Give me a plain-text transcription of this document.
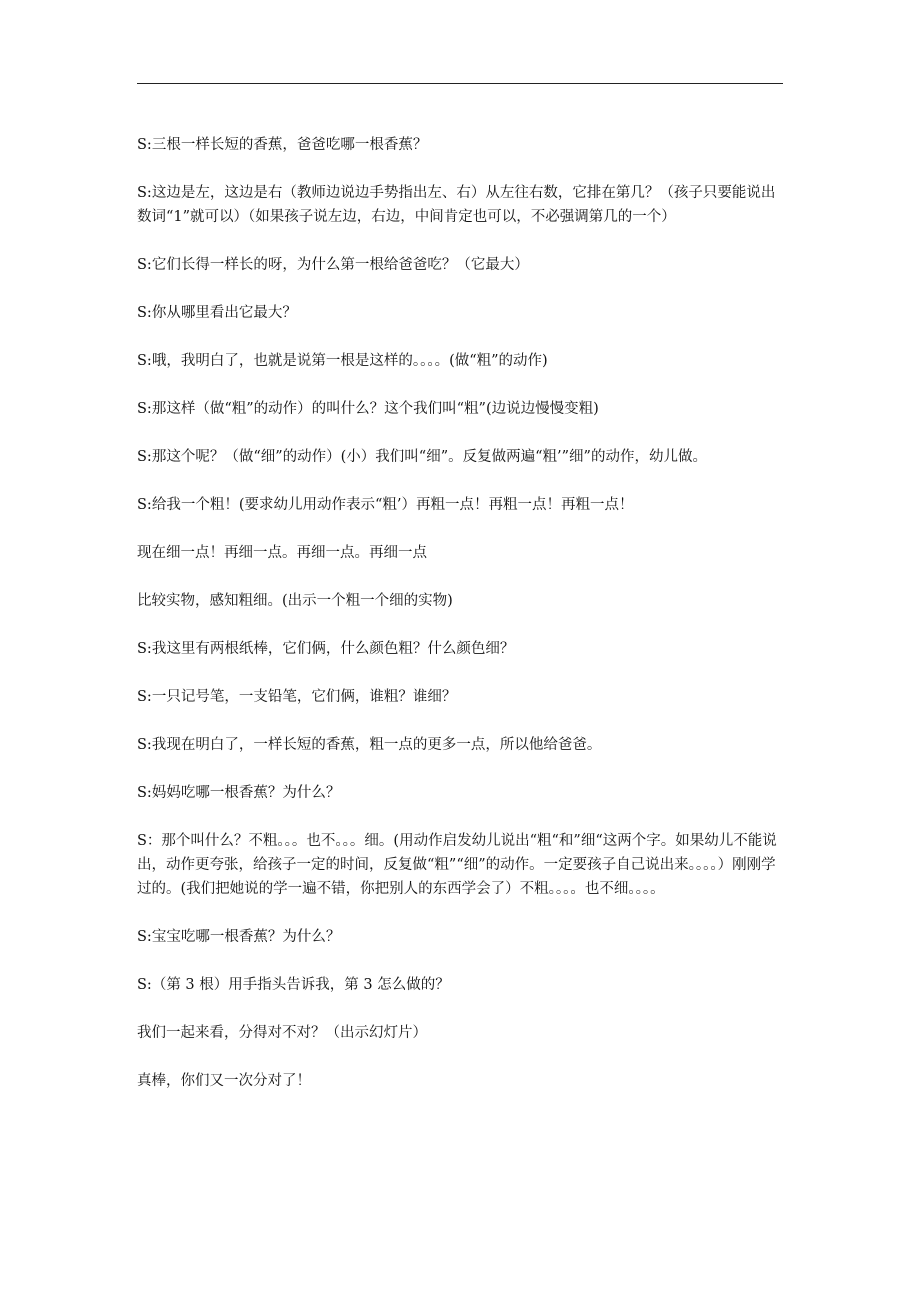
S:三根一样长短的香蕉，爸爸吃哪一根香蕉？

S:这边是左，这边是右（教师边说边手势指出左、右）从左往右数，它排在第几？（孩子只要能说出数词“1”就可以）（如果孩子说左边，右边，中间肯定也可以，不必强调第几的一个）

S:它们长得一样长的呀，为什么第一根给爸爸吃？（它最大）

S:你从哪里看出它最大？

S:哦，我明白了，也就是说第一根是这样的。。。。(做“粗”的动作)

S:那这样（做“粗”的动作）的叫什么？这个我们叫“粗”(边说边慢慢变粗)

S:那这个呢？（做“细”的动作）(小）我们叫“细”。反复做两遍“粗’”细”的动作，幼儿做。

S:给我一个粗！(要求幼儿用动作表示“粗’）再粗一点！再粗一点！再粗一点！

现在细一点！再细一点。再细一点。再细一点

比较实物，感知粗细。(出示一个粗一个细的实物)

S:我这里有两根纸棒，它们俩，什么颜色粗？什么颜色细？

S:一只记号笔，一支铅笔，它们俩，谁粗？谁细？

S:我现在明白了，一样长短的香蕉，粗一点的更多一点，所以他给爸爸。

S:妈妈吃哪一根香蕉？为什么？

S：那个叫什么？不粗。。。也不。。。细。(用动作启发幼儿说出“粗“和”细“这两个字。如果幼儿不能说出，动作更夸张，给孩子一定的时间，反复做“粗”“细”的动作。一定要孩子自己说出来。。。。）刚刚学过的。(我们把她说的学一遍不错，你把别人的东西学会了）不粗。。。。也不细。。。。

S:宝宝吃哪一根香蕉？为什么？

S:（第 3 根）用手指头告诉我，第 3 怎么做的？

我们一起来看，分得对不对？（出示幻灯片）

真棒，你们又一次分对了！
